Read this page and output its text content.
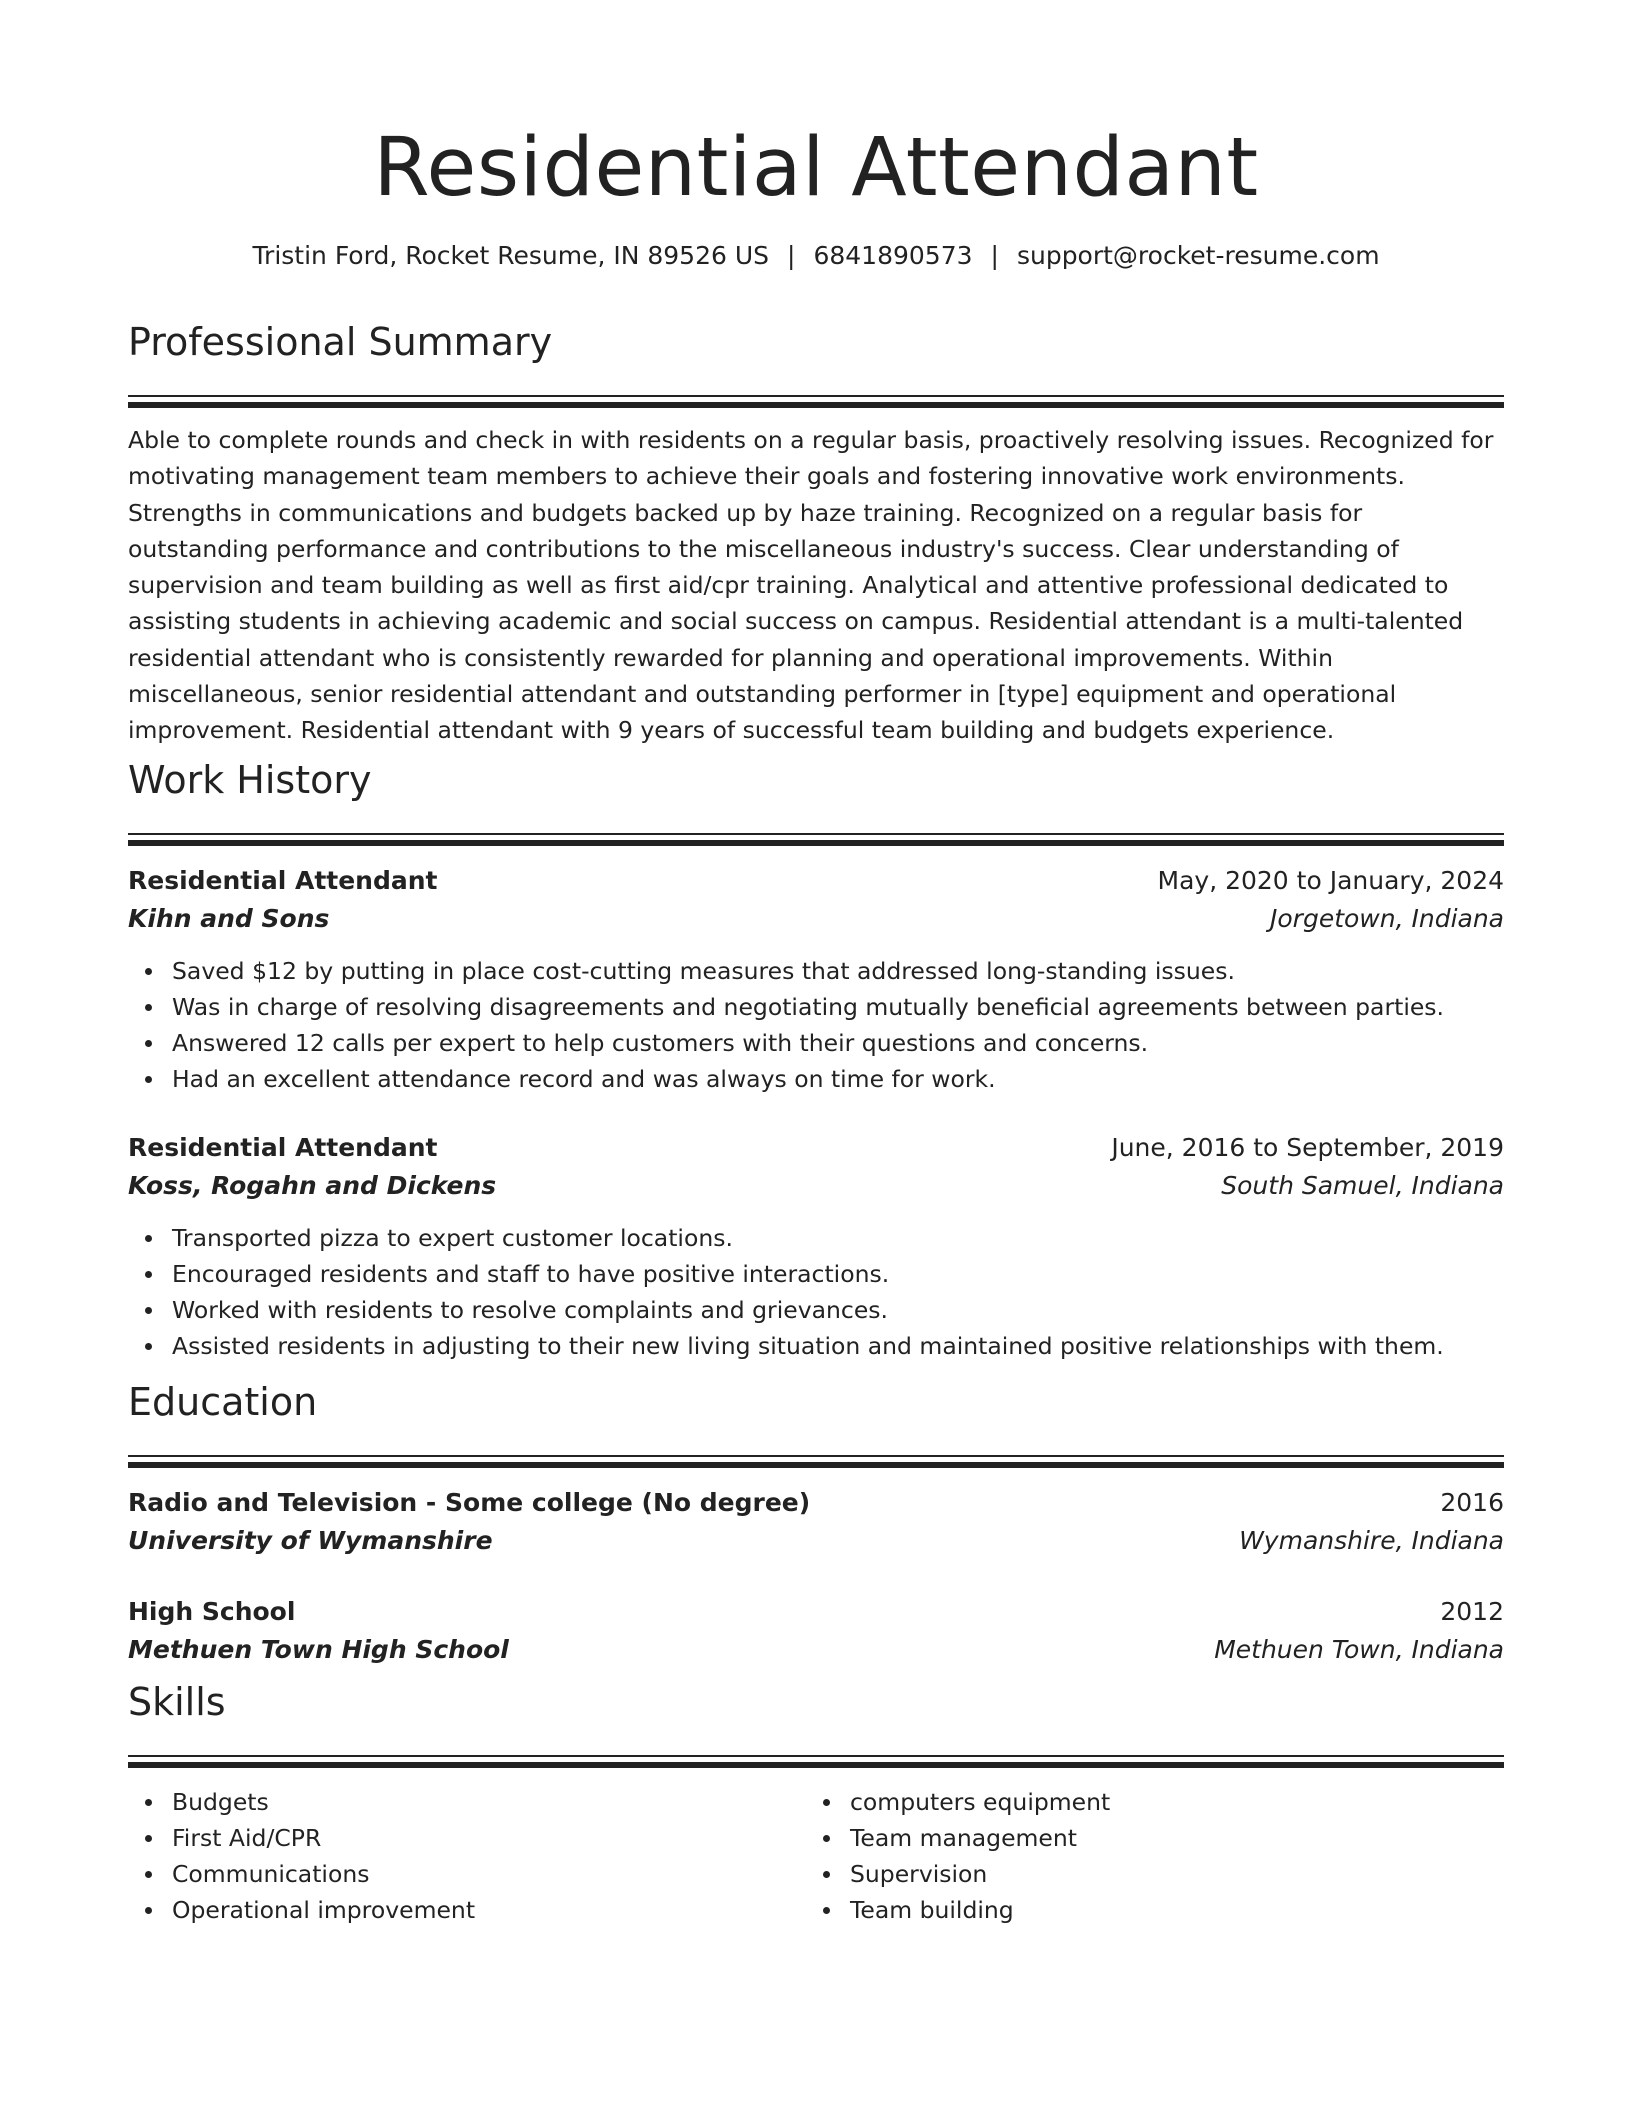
Residential Attendant
Tristin Ford, Rocket Resume, IN 89526 US | 6841890573 | support@rocket-resume.com
Professional Summary

Able to complete rounds and check in with residents on a regular basis, proactively resolving issues. Recognized for motivating management team members to achieve their goals and fostering innovative work environments. Strengths in communications and budgets backed up by haze training. Recognized on a regular basis for outstanding performance and contributions to the miscellaneous industry's success. Clear understanding of supervision and team building as well as first aid/cpr training. Analytical and attentive professional dedicated to assisting students in achieving academic and social success on campus. Residential attendant is a multi-talented residential attendant who is consistently rewarded for planning and operational improvements. Within miscellaneous, senior residential attendant and outstanding performer in [type] equipment and operational improvement. Residential attendant with 9 years of successful team building and budgets experience.

Work History
Residential Attendant	May, 2020 to January, 2024
Kihn and Sons	Jorgetown, Indiana
Saved $12 by putting in place cost-cutting measures that addressed long-standing issues.
Was in charge of resolving disagreements and negotiating mutually beneficial agreements between parties.
Answered 12 calls per expert to help customers with their questions and concerns.
Had an excellent attendance record and was always on time for work.
Residential Attendant	June, 2016 to September, 2019
Koss, Rogahn and Dickens	South Samuel, Indiana
Transported pizza to expert customer locations.
Encouraged residents and staff to have positive interactions.
Worked with residents to resolve complaints and grievances.
Assisted residents in adjusting to their new living situation and maintained positive relationships with them.
Education
Radio and Television - Some college (No degree)	2016
University of Wymanshire	Wymanshire, Indiana
High School	2012
Methuen Town High School	Methuen Town, Indiana
Skills
Budgets
First Aid/CPR
Communications
Operational improvement
computers equipment
Team management
Supervision
Team building
